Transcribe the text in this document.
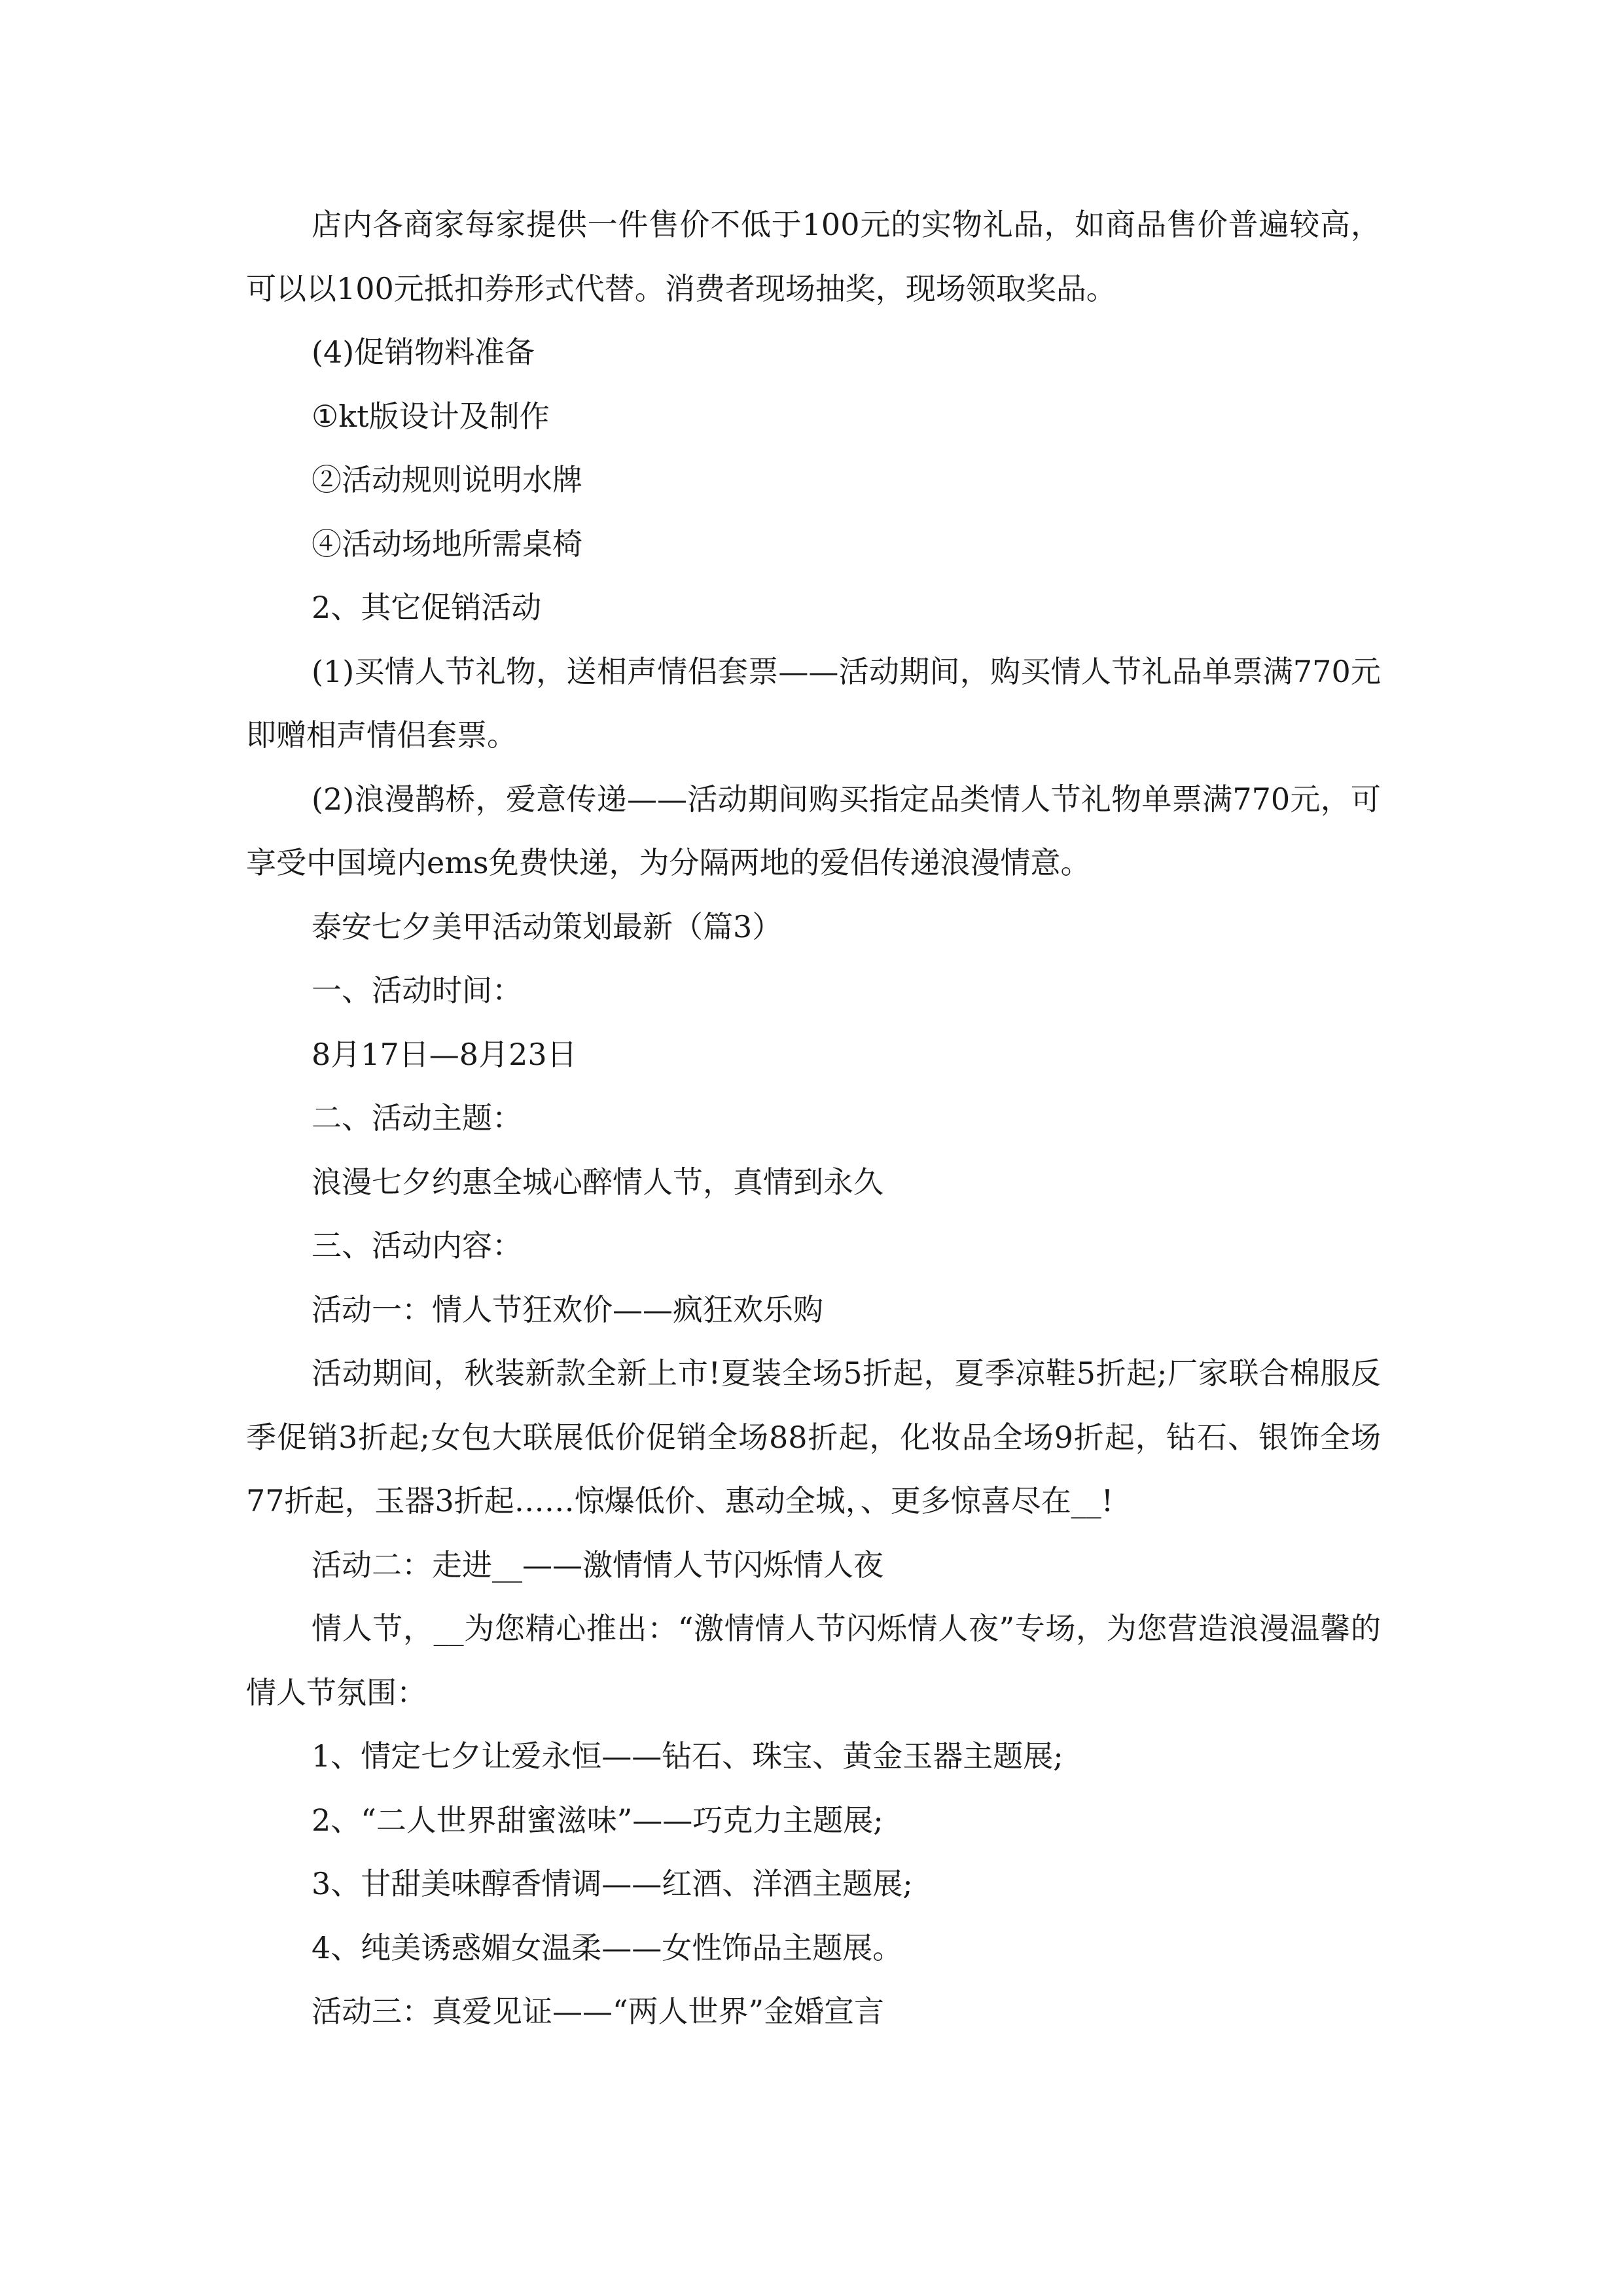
店内各商家每家提供一件售价不低于100元的实物礼品，如商品售价普遍较高，可以以100元抵扣券形式代替。消费者现场抽奖，现场领取奖品。

(4)促销物料准备

①kt版设计及制作

②活动规则说明水牌

④活动场地所需桌椅

2、其它促销活动

(1)买情人节礼物，送相声情侣套票——活动期间，购买情人节礼品单票满770元即赠相声情侣套票。

(2)浪漫鹊桥，爱意传递——活动期间购买指定品类情人节礼物单票满770元，可享受中国境内ems免费快递，为分隔两地的爱侣传递浪漫情意。

泰安七夕美甲活动策划最新（篇3）

一、活动时间：

8月17日—8月23日

二、活动主题：

浪漫七夕约惠全城心醉情人节，真情到永久

三、活动内容：

活动一：情人节狂欢价——疯狂欢乐购

活动期间，秋装新款全新上市!夏装全场5折起，夏季凉鞋5折起;厂家联合棉服反季促销3折起;女包大联展低价促销全场88折起，化妆品全场9折起，钻石、银饰全场77折起，玉器3折起……惊爆低价、惠动全城，、更多惊喜尽在__!

活动二：走进__——激情情人节闪烁情人夜

情人节，__为您精心推出：“激情情人节闪烁情人夜”专场，为您营造浪漫温馨的情人节氛围：

1、情定七夕让爱永恒——钻石、珠宝、黄金玉器主题展;

2、“二人世界甜蜜滋味”——巧克力主题展;

3、甘甜美味醇香情调——红酒、洋酒主题展;

4、纯美诱惑媚女温柔——女性饰品主题展。

活动三：真爱见证——“两人世界”金婚宣言
